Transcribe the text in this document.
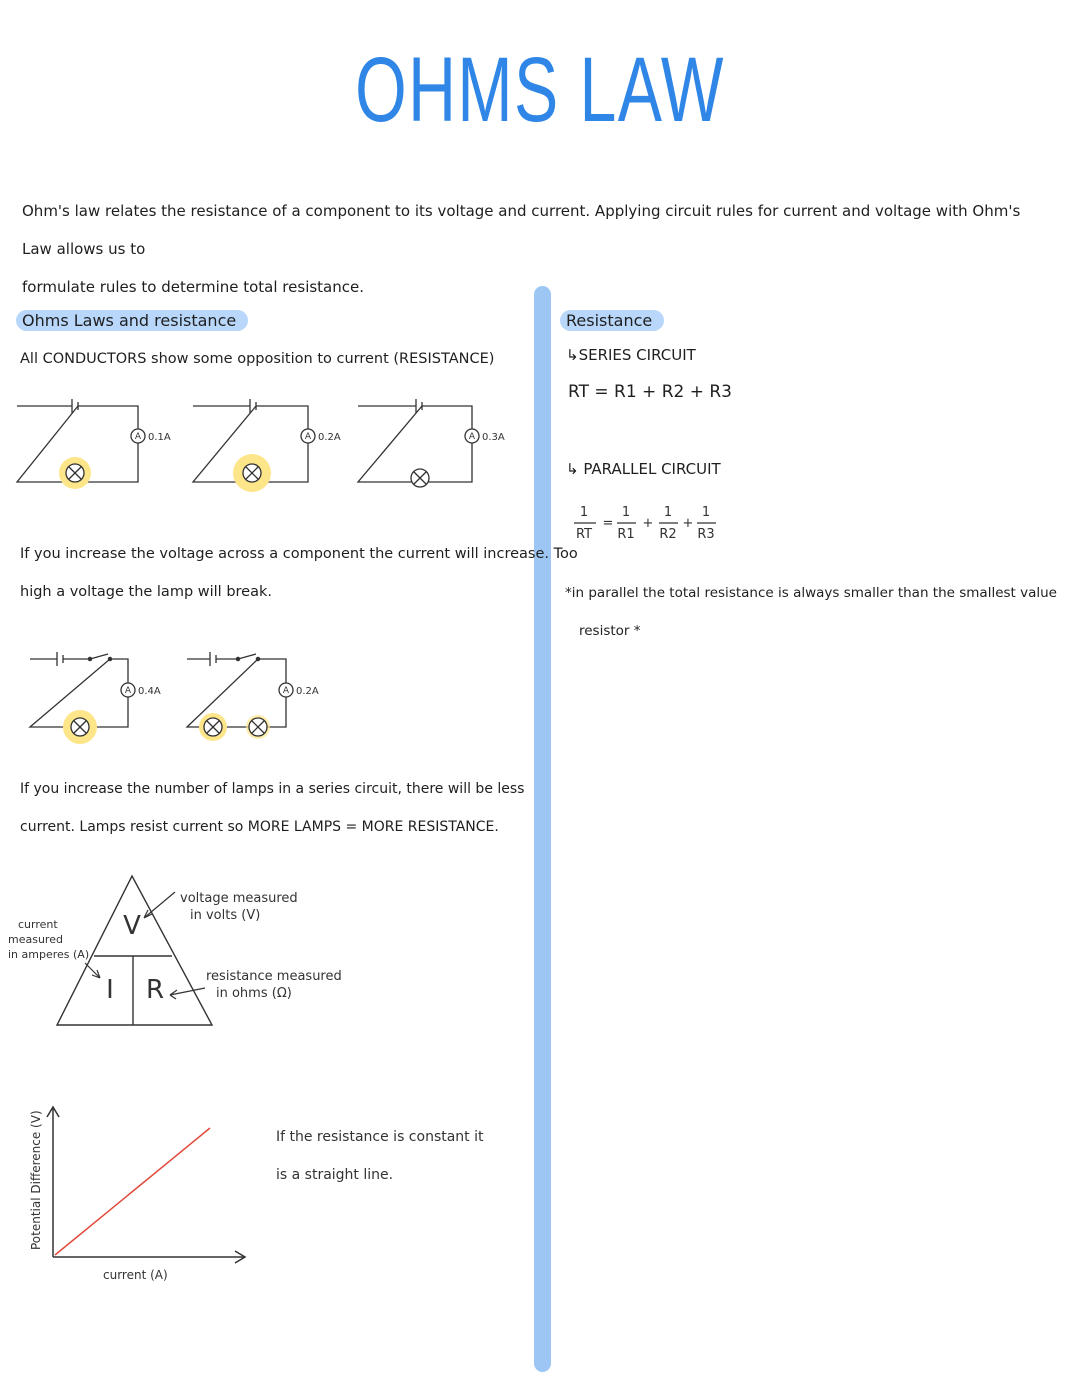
OHMS LAW
Ohm's law relates the resistance of a component to its voltage and current. Applying circuit rules for current and voltage with Ohm's Law allows us to
formulate rules to determine total resistance.
Ohms Laws and resistance
All CONDUCTORS show some opposition to current (RESISTANCE)
A	A	A
0.1A	0.2A	0.3A
If you increase the voltage across a component the current will increase. Too
high a voltage the lamp will break.
A	A
0.4A	0.2A
If you increase the number of lamps in a series circuit, there will be less
current. Lamps resist current so MORE LAMPS = MORE RESISTANCE.
V
I R
voltage measured
in volts (V)
resistance measured
in ohms (Ω)
current
measured
in amperes (A)
current (A)
Potential Difference (V)	If the resistance is constant it
is a straight line.
Resistance
↳SERIES CIRCUIT
RT = R1 + R2 + R3
↳ PARALLEL CIRCUIT
1
RT
=
1
R1
+
1
R2
+
1
R3
*in parallel the total resistance is always smaller than the smallest value
resistor *
